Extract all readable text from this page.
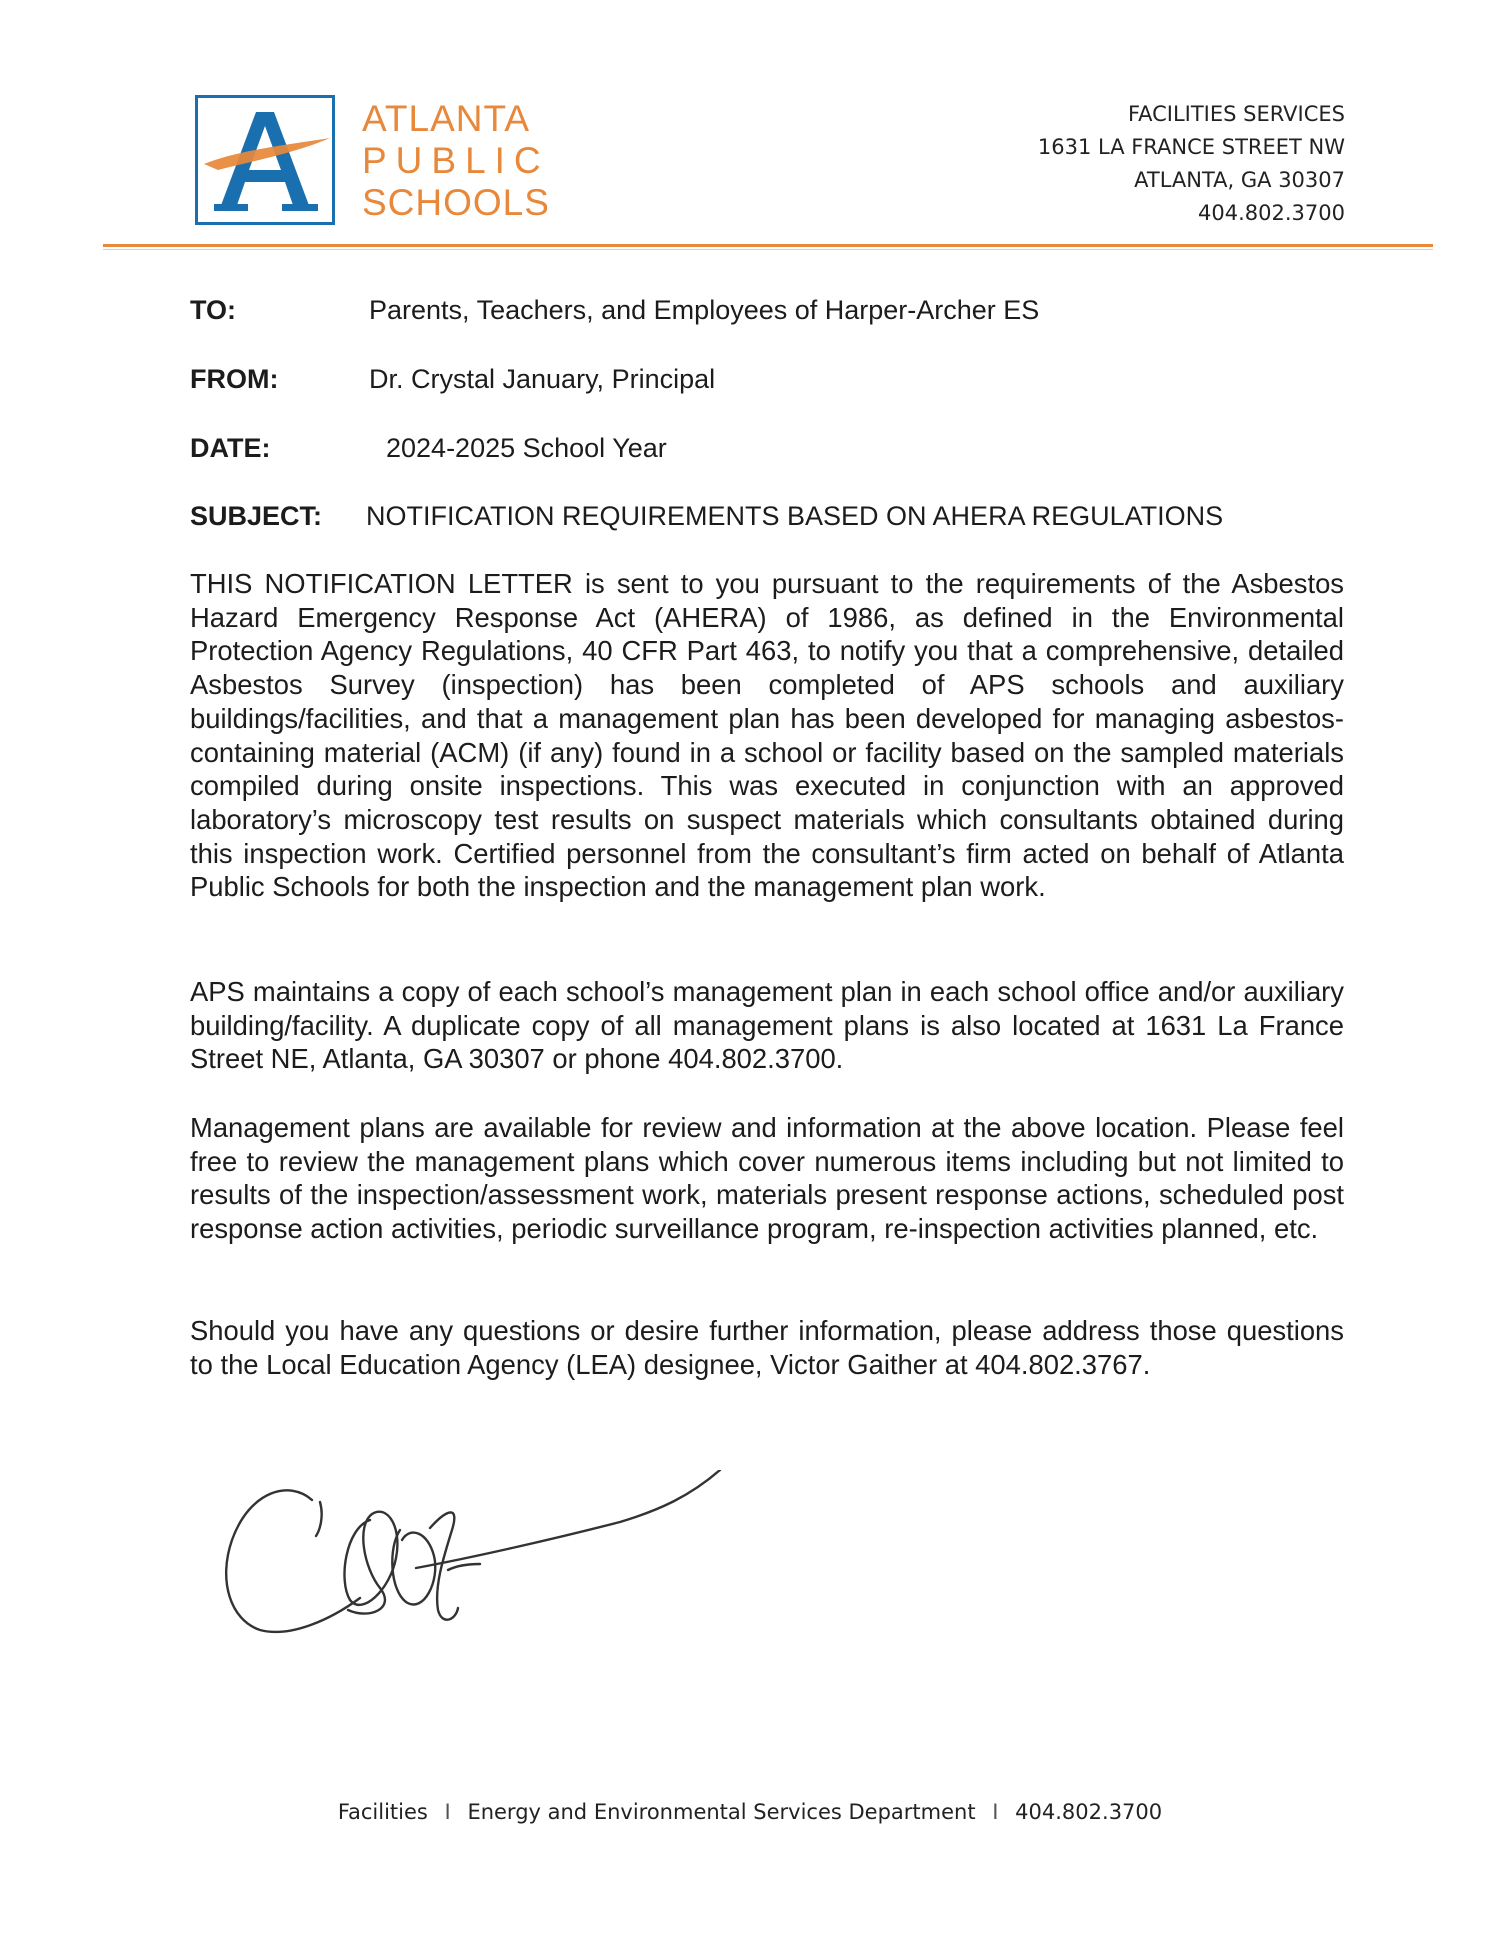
ATLANTA
PUBLIC
SCHOOLS
FACILITIES SERVICES
1631 LA FRANCE STREET NW
ATLANTA, GA 30307
404.802.3700
TO:	Parents, Teachers, and Employees of Harper-Archer ES
FROM:	Dr. Crystal January, Principal
DATE:	2024-2025 School Year
SUBJECT: NOTIFICATION REQUIREMENTS BASED ON AHERA REGULATIONS
THIS NOTIFICATION LETTER is sent to you pursuant to the requirements of the Asbestos Hazard Emergency Response Act (AHERA) of 1986, as defined in the Environmental Protection Agency Regulations, 40 CFR Part 463, to notify you that a comprehensive, detailed Asbestos Survey (inspection) has been completed of APS schools and auxiliary buildings/facilities, and that a management plan has been developed for managing asbestos-containing material (ACM) (if any) found in a school or facility based on the sampled materials compiled during onsite inspections. This was executed in conjunction with an approved laboratory’s microscopy test results on suspect materials which consultants obtained during this inspection work. Certified personnel from the consultant’s firm acted on behalf of Atlanta Public Schools for both the inspection and the management plan work.
APS maintains a copy of each school’s management plan in each school office and/or auxiliary building/facility. A duplicate copy of all management plans is also located at 1631 La France Street NE, Atlanta, GA 30307 or phone 404.802.3700.
Management plans are available for review and information at the above location. Please feel free to review the management plans which cover numerous items including but not limited to results of the inspection/assessment work, materials present response actions, scheduled post response action activities, periodic surveillance program, re-inspection activities planned, etc.
Should you have any questions or desire further information, please address those questions to the Local Education Agency (LEA) designee, Victor Gaither at 404.802.3767.
Facilities I Energy and Environmental Services Department I 404.802.3700
